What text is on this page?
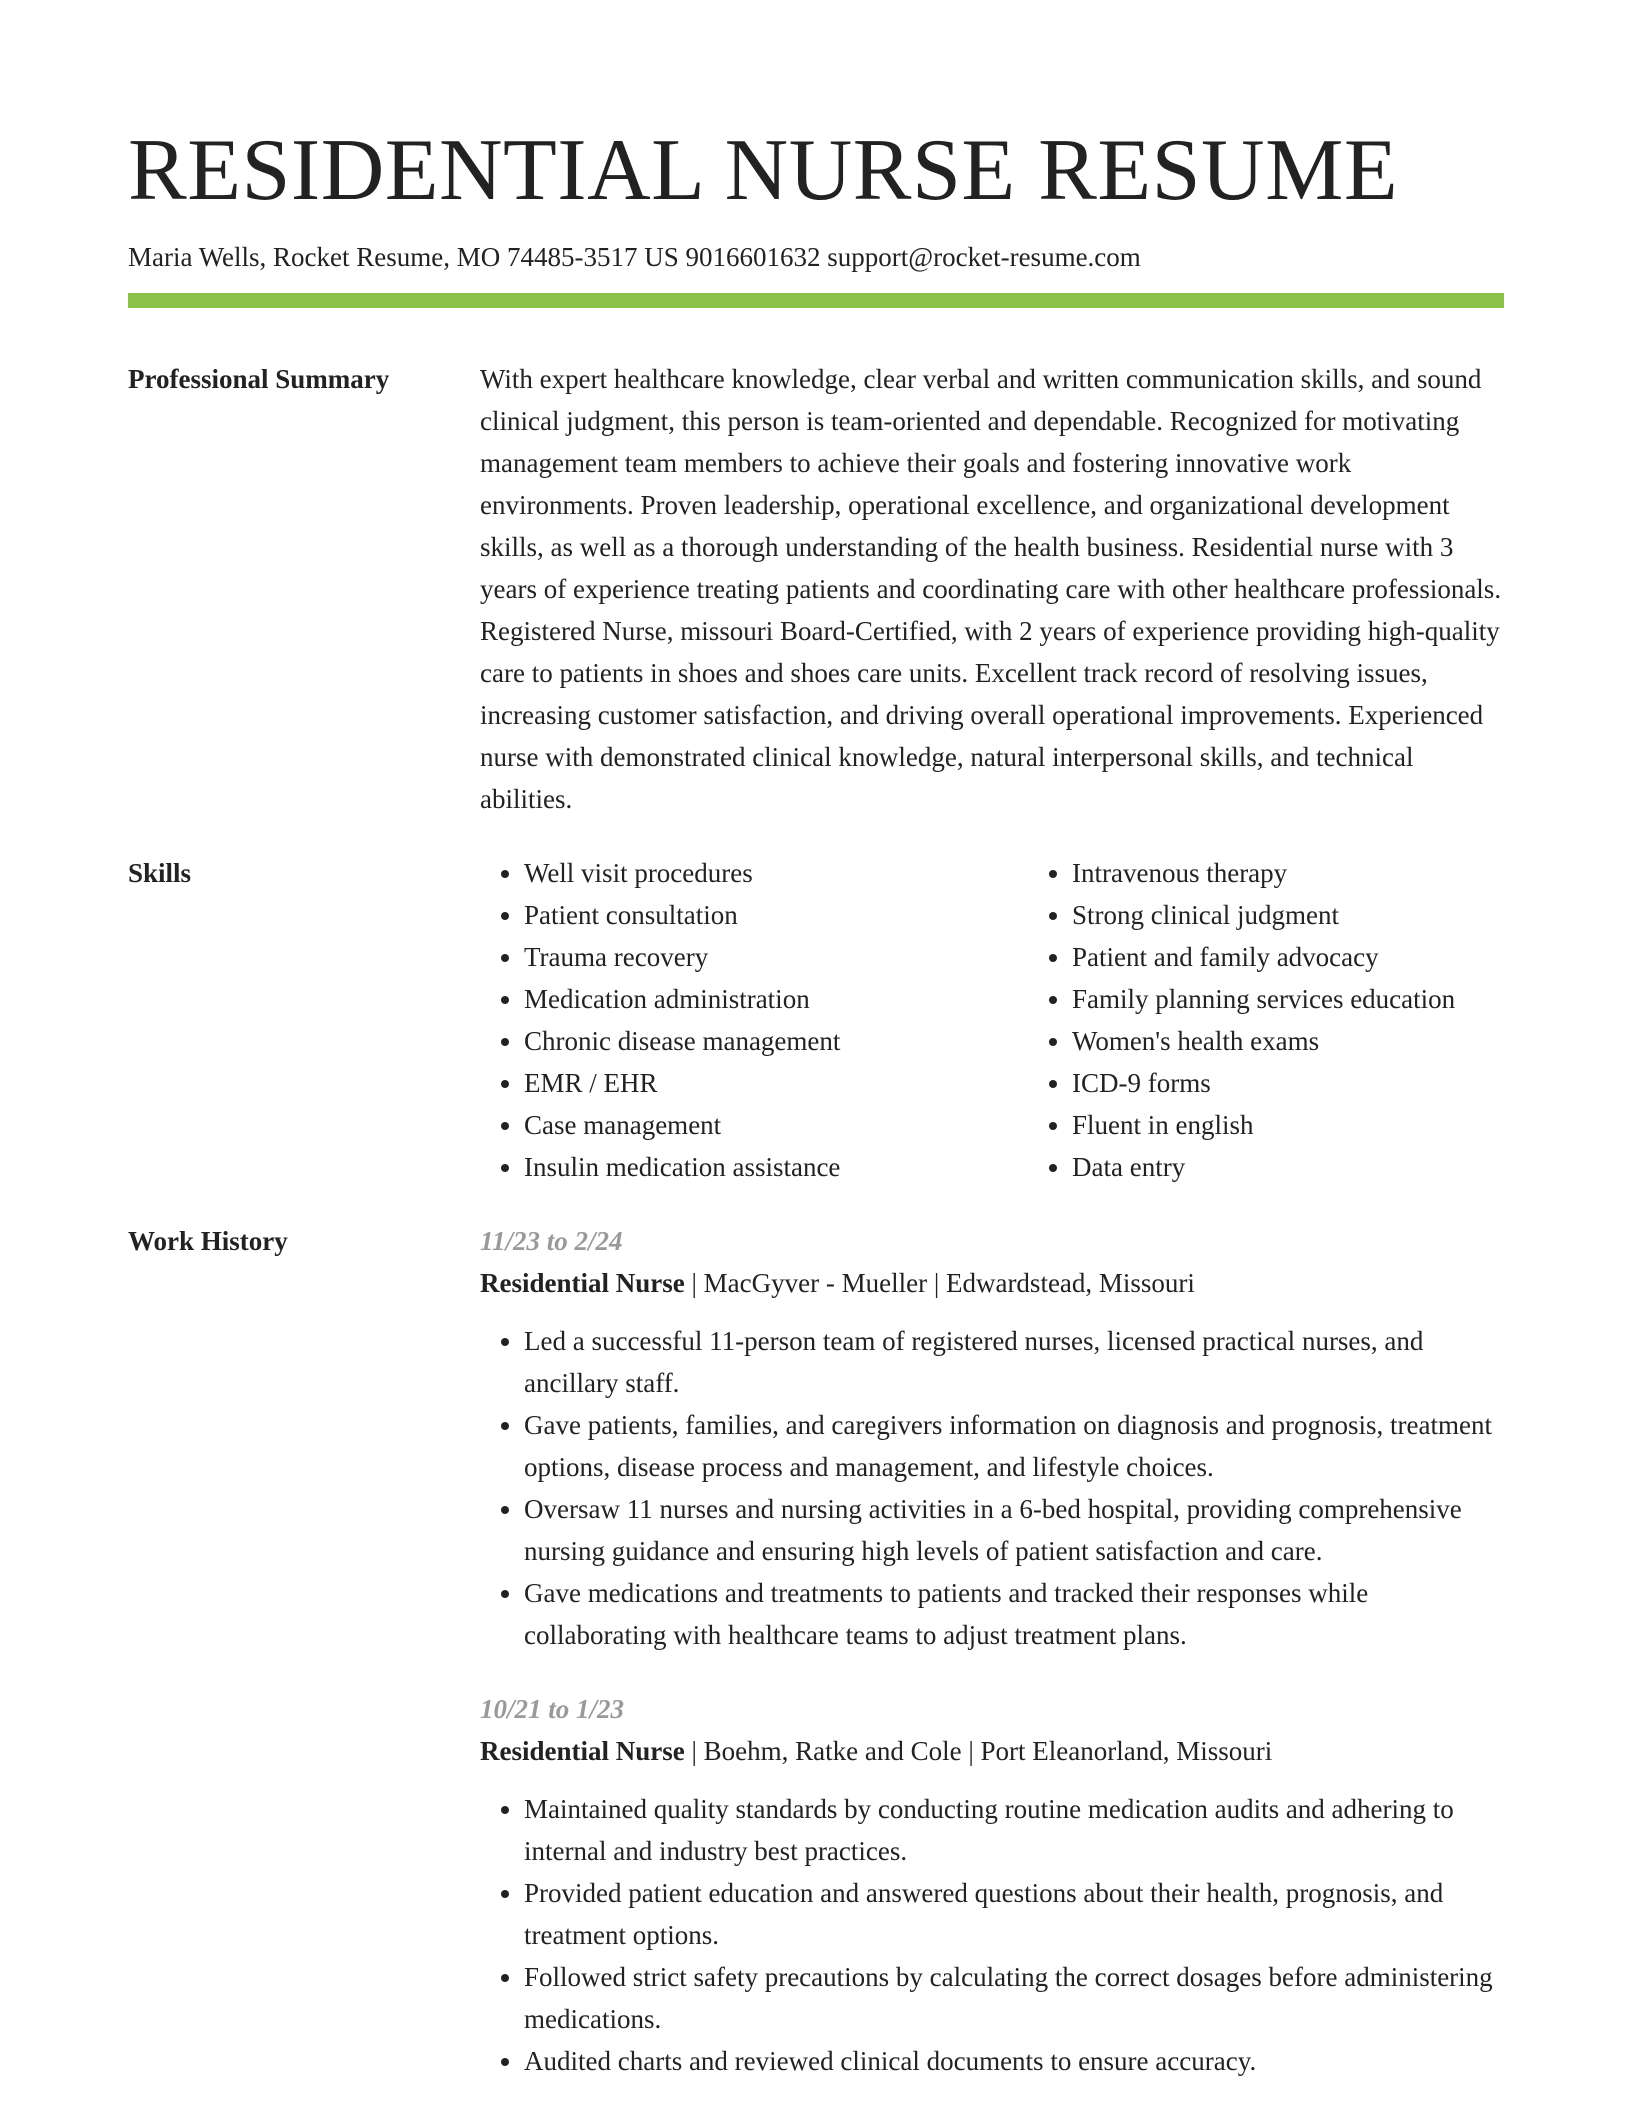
RESIDENTIAL NURSE RESUME
Maria Wells, Rocket Resume, MO 74485-3517 US 9016601632 support@rocket-resume.com
Professional Summary	With expert healthcare knowledge, clear verbal and written communication skills, and sound clinical judgment, this person is team-oriented and dependable. Recognized for motivating management team members to achieve their goals and fostering innovative work environments. Proven leadership, operational excellence, and organizational development skills, as well as a thorough understanding of the health business. Residential nurse with 3 years of experience treating patients and coordinating care with other healthcare professionals. Registered Nurse, missouri Board-Certified, with 2 years of experience providing high-quality care to patients in shoes and shoes care units. Excellent track record of resolving issues, increasing customer satisfaction, and driving overall operational improvements. Experienced nurse with demonstrated clinical knowledge, natural interpersonal skills, and technical abilities.

Skills
•	Well visit procedures
• Patient consultation
• Trauma recovery
• Medication administration
• Chronic disease management
• EMR / EHR
• Case management
• Insulin medication assistance
• Intravenous therapy
• Strong clinical judgment
• Patient and family advocacy
• Family planning services education
• Women's health exams
• ICD-9 forms
• Fluent in english
• Data entry
Work History	11/23 to 2/24
Residential Nurse | MacGyver - Mueller | Edwardstead, Missouri
• Led a successful 11-person team of registered nurses, licensed practical nurses, and ancillary staff.
• Gave patients, families, and caregivers information on diagnosis and prognosis, treatment options, disease process and management, and lifestyle choices.
• Oversaw 11 nurses and nursing activities in a 6-bed hospital, providing comprehensive nursing guidance and ensuring high levels of patient satisfaction and care.
• Gave medications and treatments to patients and tracked their responses while collaborating with healthcare teams to adjust treatment plans.
10/21 to 1/23
Residential Nurse | Boehm, Ratke and Cole | Port Eleanorland, Missouri
• Maintained quality standards by conducting routine medication audits and adhering to internal and industry best practices.
• Provided patient education and answered questions about their health, prognosis, and treatment options.
• Followed strict safety precautions by calculating the correct dosages before administering medications.
• Audited charts and reviewed clinical documents to ensure accuracy.
